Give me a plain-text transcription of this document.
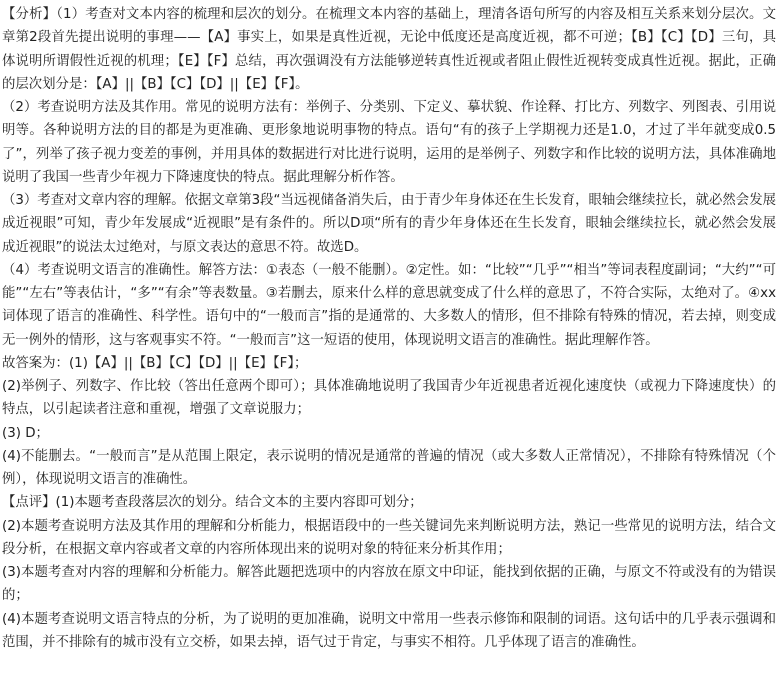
【分析】（1）考查对文本内容的梳理和层次的划分。在梳理文本内容的基础上，理清各语句所写的内容及相互关系来划分层次。文章第2段首先提出说明的事理——【A】事实上，如果是真性近视，无论中低度还是高度近视，都不可逆；【B】【C】【D】三句，具体说明所谓假性近视的机理；【E】【F】总结，再次强调没有方法能够逆转真性近视或者阻止假性近视转变成真性近视。据此，正确的层次划分是：【A】||【B】【C】【D】||【E】【F】。

（2）考查说明方法及其作用。常见的说明方法有：举例子、分类别、下定义、摹状貌、作诠释、打比方、列数字、列图表、引用说明等。各种说明方法的目的都是为更准确、更形象地说明事物的特点。语句“有的孩子上学期视力还是1.0，才过了半年就变成0.5了”，列举了孩子视力变差的事例，并用具体的数据进行对比进行说明，运用的是举例子、列数字和作比较的说明方法，具体准确地说明了我国一些青少年视力下降速度快的特点。据此理解分析作答。

（3）考查对文章内容的理解。依据文章第3段“当远视储备消失后，由于青少年身体还在生长发育，眼轴会继续拉长，就必然会发展成近视眼”可知，青少年发展成“近视眼”是有条件的。所以D项“所有的青少年身体还在生长发育，眼轴会继续拉长，就必然会发展成近视眼”的说法太过绝对，与原文表达的意思不符。故选D。

（4）考查说明文语言的准确性。解答方法：①表态（一般不能删）。②定性。如：“比较”“几乎”“相当”等词表程度副词；“大约”“可能”“左右”等表估计，“多”“有余”等表数量。③若删去，原来什么样的意思就变成了什么样的意思了，不符合实际，太绝对了。④xx词体现了语言的准确性、科学性。语句中的“一般而言”指的是通常的、大多数人的情形，但不排除有特殊的情况，若去掉，则变成无一例外的情形，这与客观事实不符。“一般而言”这一短语的使用，体现说明文语言的准确性。据此理解作答。

故答案为：(1)【A】||【B】【C】【D】||【E】【F】；

(2)举例子、列数字、作比较（答出任意两个即可）；具体准确地说明了我国青少年近视患者近视化速度快（或视力下降速度快）的特点，以引起读者注意和重视，增强了文章说服力；

(3) D；

(4)不能删去。“一般而言”是从范围上限定，表示说明的情况是通常的普遍的情况（或大多数人正常情况），不排除有特殊情况（个例），体现说明文语言的准确性。

【点评】(1)本题考查段落层次的划分。结合文本的主要内容即可划分；

(2)本题考查说明方法及其作用的理解和分析能力，根据语段中的一些关键词先来判断说明方法，熟记一些常见的说明方法，结合文段分析，在根据文章内容或者文章的内容所体现出来的说明对象的特征来分析其作用；

(3)本题考查对内容的理解和分析能力。解答此题把选项中的内容放在原文中印证，能找到依据的正确，与原文不符或没有的为错误的；

(4)本题考查说明文语言特点的分析，为了说明的更加准确，说明文中常用一些表示修饰和限制的词语。这句话中的几乎表示强调和范围，并不排除有的城市没有立交桥，如果去掉，语气过于肯定，与事实不相符。几乎体现了语言的准确性。
